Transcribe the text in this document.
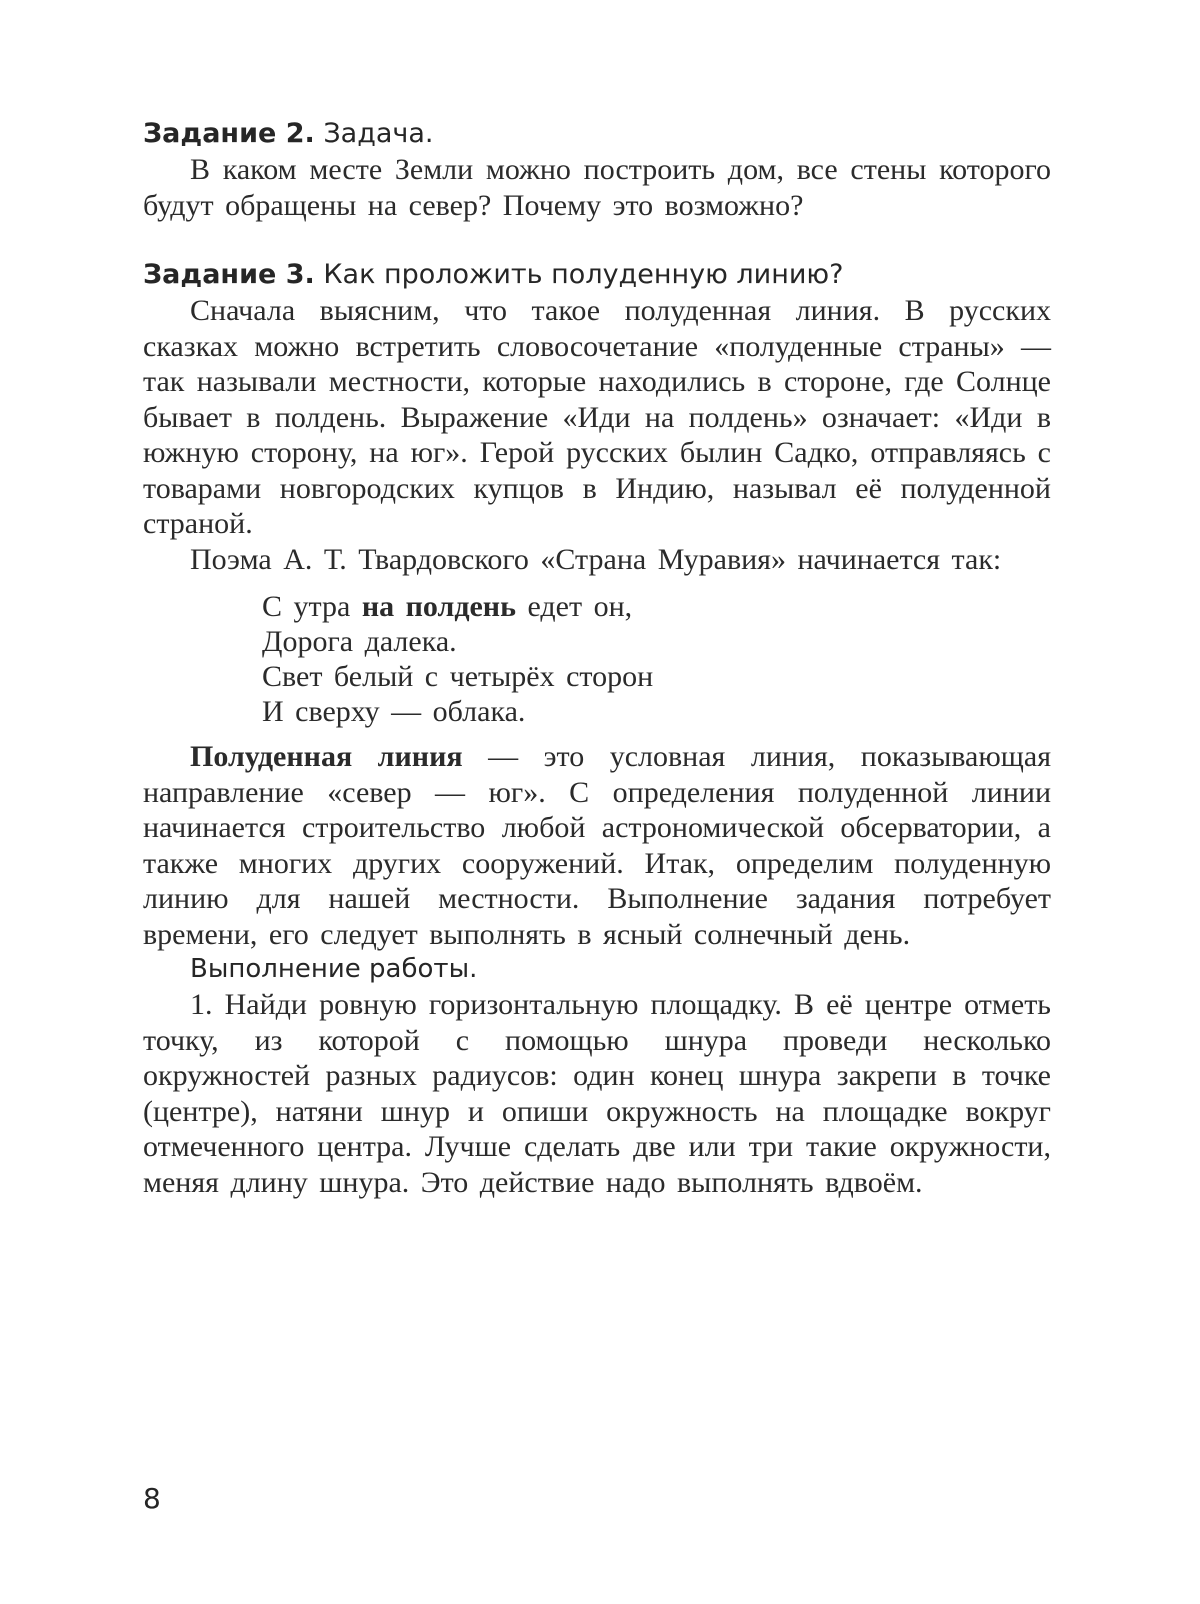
Задание 2. Задача.

В каком месте Земли можно построить дом, все стены которого будут обращены на север? Почему это возможно?

Задание 3. Как проложить полуденную линию?

Сначала выясним, что такое полуденная линия. В русских сказках можно встретить словосочетание «полуденные страны» — так называли местности, которые находились в стороне, где Солнце бывает в полдень. Выражение «Иди на полдень» означает: «Иди в южную сторону, на юг». Герой русских былин Садко, отправляясь с товарами новгородских купцов в Индию, называл её полуденной страной.

Поэма А. Т. Твардовского «Страна Муравия» начинается так:

С утра на полдень едет он,
Дорога далека.
Свет белый с четырёх сторон
И сверху — облака.

Полуденная линия — это условная линия, показывающая направление «север — юг». С определения полуденной линии начинается строительство любой астрономической обсерватории, а также многих других сооружений. Итак, определим полуденную линию для нашей местности. Выполнение задания потребует времени, его следует выполнять в ясный солнечный день.

Выполнение работы.

1. Найди ровную горизонтальную площадку. В её центре отметь точку, из которой с помощью шнура проведи несколько окружностей разных радиусов: один конец шнура закрепи в точке (центре), натяни шнур и опиши окружность на площадке вокруг отмеченного центра. Лучше сделать две или три такие окружности, меняя длину шнура. Это действие надо выполнять вдвоём.

8
